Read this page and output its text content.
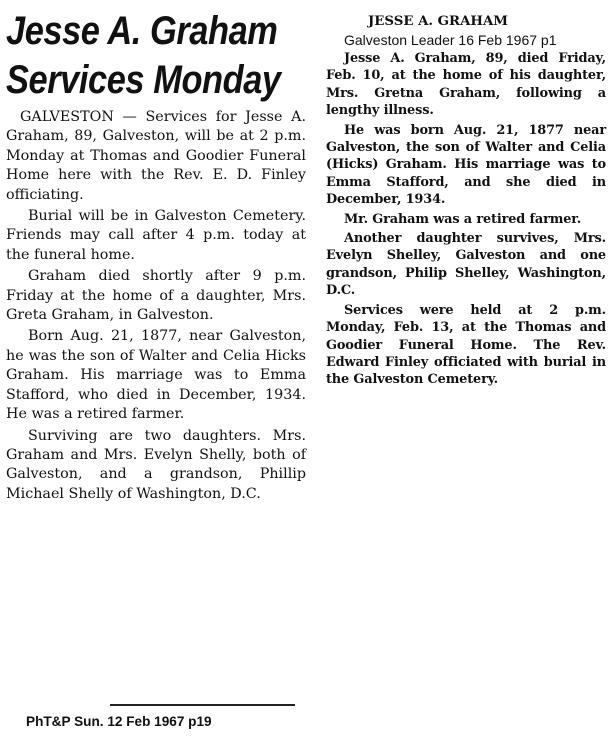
Jesse A. Graham
Services Monday

GALVESTON — Services for Jesse A. Graham, 89, Galveston, will be at 2 p.m. Monday at Thomas and Goodier Funeral Home here with the Rev. E. D. Finley officiating.

Burial will be in Galveston Cemetery. Friends may call after 4 p.m. today at the funeral home.

Graham died shortly after 9 p.m. Friday at the home of a daughter, Mrs. Greta Graham, in Galveston.

Born Aug. 21, 1877, near Galveston, he was the son of Walter and Celia Hicks Graham. His marriage was to Emma Stafford, who died in December, 1934. He was a retired farmer.

Surviving are two daughters. Mrs. Graham and Mrs. Evelyn Shelly, both of Galveston, and a grandson, Phillip Michael Shelly of Washington, D.C.

PhT&P Sun. 12 Feb 1967 p19
JESSE A. GRAHAM
Galveston Leader 16 Feb 1967 p1

Jesse A. Graham, 89, died Friday, Feb. 10, at the home of his daughter, Mrs. Gretna Graham, following a lengthy illness.

He was born Aug. 21, 1877 near Galveston, the son of Walter and Celia (Hicks) Graham. His marriage was to Emma Stafford, and she died in December, 1934.

Mr. Graham was a retired farmer.

Another daughter survives, Mrs. Evelyn Shelley, Galveston and one grandson, Philip Shelley, Washington, D.C.

Services were held at 2 p.m. Monday, Feb. 13, at the Thomas and Goodier Funeral Home. The Rev. Edward Finley officiated with burial in the Galveston Cemetery.
